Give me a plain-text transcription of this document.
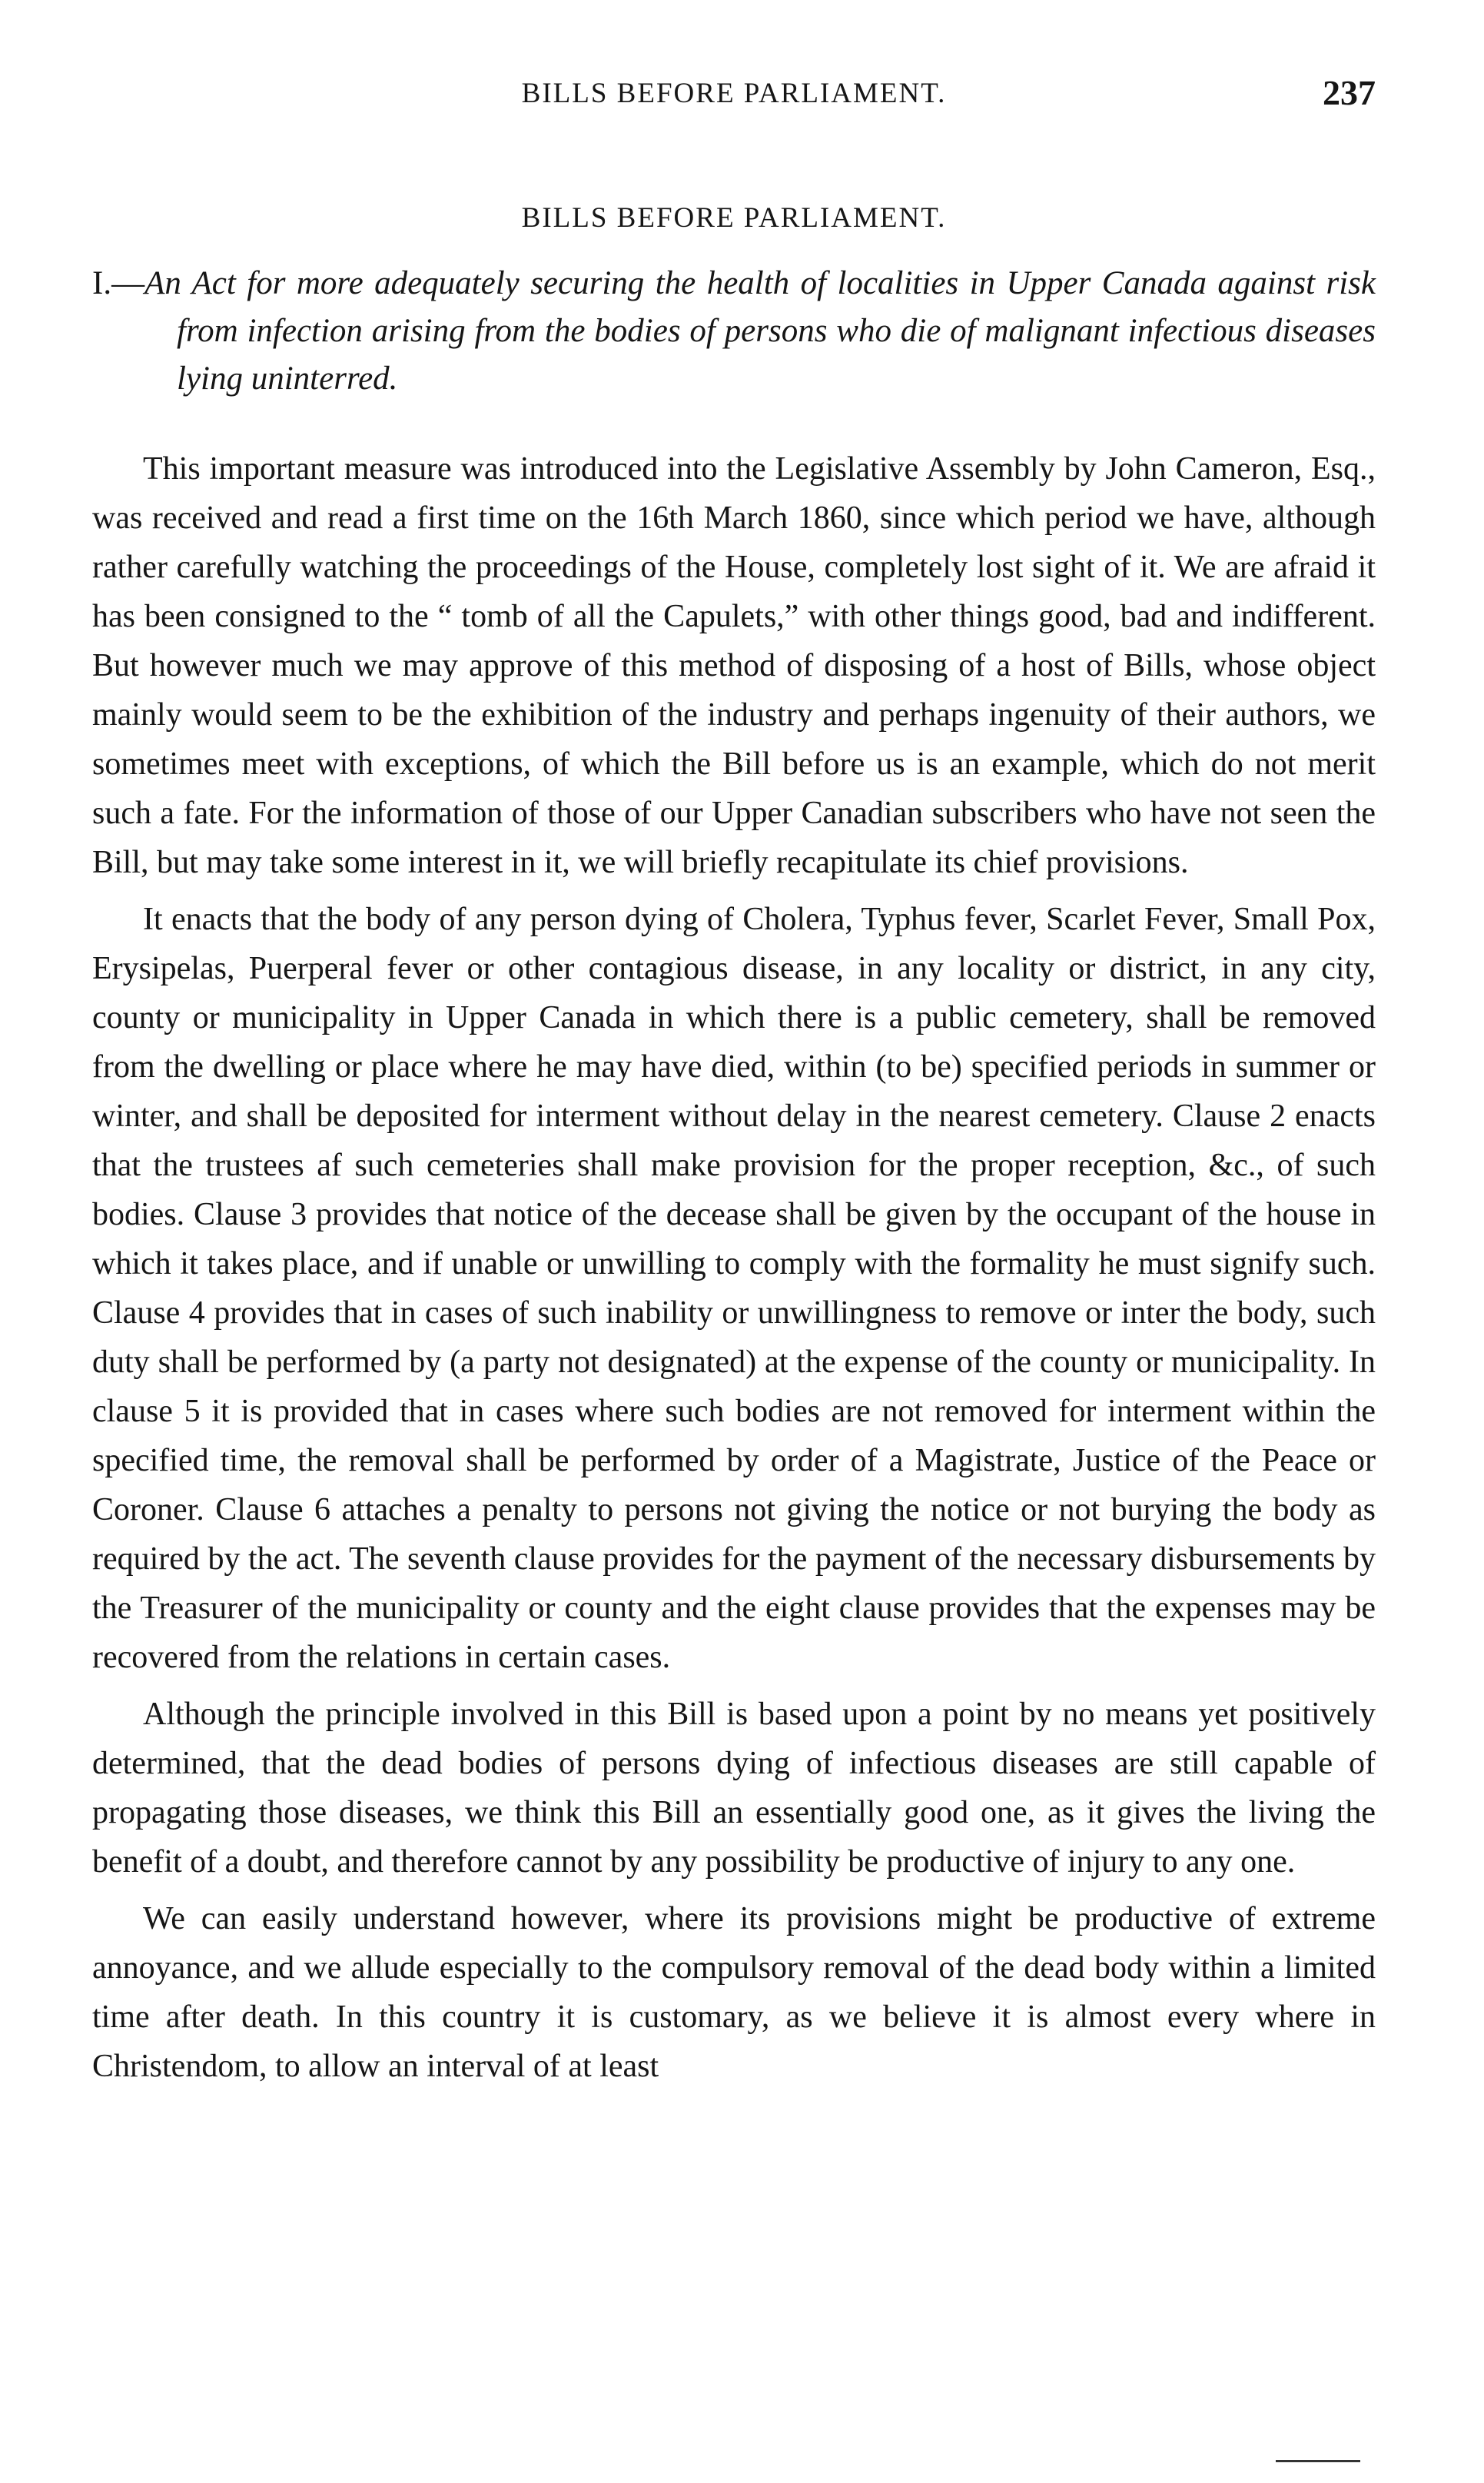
BILLS BEFORE PARLIAMENT.	237
BILLS BEFORE PARLIAMENT.
I.—An Act for more adequately securing the health of localities in Upper Canada against risk from infection arising from the bodies of persons who die of malignant infectious diseases lying uninterred.

This important measure was introduced into the Legislative Assembly by John Cameron, Esq., was received and read a first time on the 16th March 1860, since which period we have, although rather carefully watching the proceedings of the House, completely lost sight of it. We are afraid it has been consigned to the “ tomb of all the Capulets,” with other things good, bad and indifferent. But however much we may approve of this method of disposing of a host of Bills, whose object mainly would seem to be the exhibition of the industry and perhaps ingenuity of their authors, we sometimes meet with exceptions, of which the Bill before us is an example, which do not merit such a fate. For the information of those of our Upper Canadian subscribers who have not seen the Bill, but may take some interest in it, we will briefly recapitulate its chief provisions.

It enacts that the body of any person dying of Cholera, Typhus fever, Scarlet Fever, Small Pox, Erysipelas, Puerperal fever or other contagious disease, in any locality or district, in any city, county or municipality in Upper Canada in which there is a public cemetery, shall be removed from the dwelling or place where he may have died, within (to be) specified periods in summer or winter, and shall be deposited for interment without delay in the nearest cemetery. Clause 2 enacts that the trustees af such cemeteries shall make provision for the proper reception, &c., of such bodies. Clause 3 provides that notice of the decease shall be given by the occupant of the house in which it takes place, and if unable or unwilling to comply with the formality he must signify such. Clause 4 provides that in cases of such inability or unwillingness to remove or inter the body, such duty shall be performed by (a party not designated) at the expense of the county or municipality. In clause 5 it is provided that in cases where such bodies are not removed for interment within the specified time, the removal shall be performed by order of a Magistrate, Justice of the Peace or Coroner. Clause 6 attaches a penalty to persons not giving the notice or not burying the body as required by the act. The seventh clause provides for the payment of the necessary disbursements by the Treasurer of the municipality or county and the eight clause provides that the expenses may be recovered from the relations in certain cases.

Although the principle involved in this Bill is based upon a point by no means yet positively determined, that the dead bodies of persons dying of infectious diseases are still capable of propagating those diseases, we think this Bill an essentially good one, as it gives the living the benefit of a doubt, and therefore cannot by any possibility be productive of injury to any one.

We can easily understand however, where its provisions might be productive of extreme annoyance, and we allude especially to the compulsory removal of the dead body within a limited time after death. In this country it is customary, as we believe it is almost every where in Christendom, to allow an interval of at least
